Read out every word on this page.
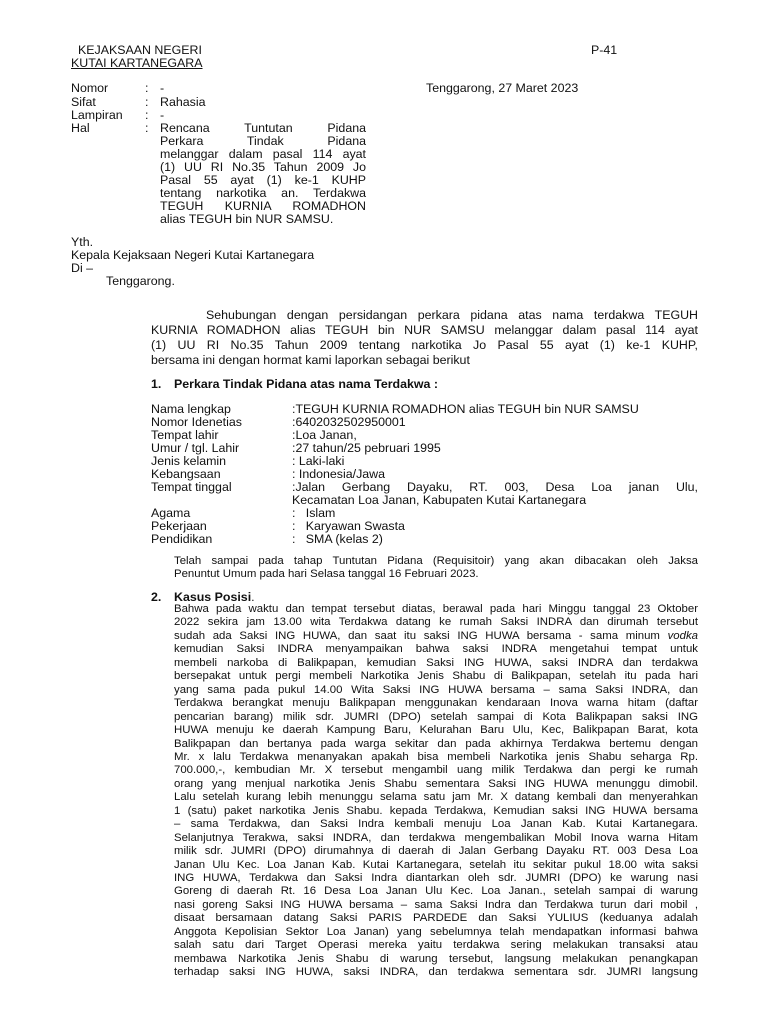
KEJAKSAAN NEGERI
KUTAI KARTANEGARA
P-41
Nomor	: -	Tenggarong, 27 Maret 2023
Sifat	: Rahasia
Lampiran : -
Hal	: Rencana Tuntutan Pidana
Perkara Tindak Pidana
melanggar dalam pasal 114 ayat
(1) UU RI No.35 Tahun 2009 Jo
Pasal 55 ayat (1) ke-1 KUHP
tentang narkotika an. Terdakwa
TEGUH KURNIA ROMADHON
alias TEGUH bin NUR SAMSU.
Yth.
Kepala Kejaksaan Negeri Kutai Kartanegara
Di –
Tenggarong.
Sehubungan dengan persidangan perkara pidana atas nama terdakwa TEGUH
KURNIA ROMADHON alias TEGUH bin NUR SAMSU melanggar dalam pasal 114 ayat
(1) UU RI No.35 Tahun 2009 tentang narkotika Jo Pasal 55 ayat (1) ke-1 KUHP,
bersama ini dengan hormat kami laporkan sebagai berikut
1. Perkara Tindak Pidana atas nama Terdakwa :
Nama lengkap	:TEGUH KURNIA ROMADHON alias TEGUH bin NUR SAMSU
Nomor Idenetias	:6402032502950001
Tempat lahir	:Loa Janan,
Umur / tgl. Lahir	:27 tahun/25 pebruari 1995
Jenis kelamin	: Laki-laki
Kebangsaan	: Indonesia/Jawa
Tempat tinggal	:Jalan Gerbang Dayaku, RT. 003, Desa Loa janan Ulu,
Kecamatan Loa Janan, Kabupaten Kutai Kartanegara
Agama	:   Islam
Pekerjaan	:   Karyawan Swasta
Pendidikan	:   SMA (kelas 2)
Telah sampai pada tahap Tuntutan Pidana (Requisitoir) yang akan dibacakan oleh Jaksa
Penuntut Umum pada hari Selasa tanggal 16 Februari 2023.
2. Kasus Posisi.
Bahwa pada waktu dan tempat tersebut diatas, berawal pada hari Minggu tanggal 23 Oktober
2022 sekira jam 13.00 wita Terdakwa datang ke rumah Saksi INDRA dan dirumah tersebut
sudah ada Saksi ING HUWA, dan saat itu saksi ING HUWA bersama - sama minum vodka
kemudian Saksi INDRA menyampaikan bahwa saksi INDRA mengetahui tempat untuk
membeli narkoba di Balikpapan, kemudian Saksi ING HUWA, saksi INDRA dan terdakwa
bersepakat untuk pergi membeli Narkotika Jenis Shabu di Balikpapan, setelah itu pada hari
yang sama pada pukul 14.00 Wita Saksi ING HUWA bersama – sama Saksi INDRA, dan
Terdakwa berangkat menuju Balikpapan menggunakan kendaraan Inova warna hitam (daftar
pencarian barang) milik sdr. JUMRI (DPO) setelah sampai di Kota Balikpapan saksi ING
HUWA menuju ke daerah Kampung Baru, Kelurahan Baru Ulu, Kec, Balikpapan Barat, kota
Balikpapan dan bertanya pada warga sekitar dan pada akhirnya Terdakwa bertemu dengan
Mr. x lalu Terdakwa menanyakan apakah bisa membeli Narkotika jenis Shabu seharga Rp.
700.000,-, kembudian Mr. X tersebut mengambil uang milik Terdakwa dan pergi ke rumah
orang yang menjual narkotika Jenis Shabu sementara Saksi ING HUWA menunggu dimobil.
Lalu setelah kurang lebih menunggu selama satu jam Mr. X datang kembali dan menyerahkan
1 (satu) paket narkotika Jenis Shabu. kepada Terdakwa, Kemudian saksi ING HUWA bersama
– sama Terdakwa, dan Saksi Indra kembali menuju Loa Janan Kab. Kutai Kartanegara.
Selanjutnya Terakwa, saksi INDRA, dan terdakwa mengembalikan Mobil Inova warna Hitam
milik sdr. JUMRI (DPO) dirumahnya di daerah di Jalan Gerbang Dayaku RT. 003 Desa Loa
Janan Ulu Kec. Loa Janan Kab. Kutai Kartanegara, setelah itu sekitar pukul 18.00 wita saksi
ING HUWA, Terdakwa dan Saksi Indra diantarkan oleh sdr. JUMRI (DPO) ke warung nasi
Goreng di daerah Rt. 16 Desa Loa Janan Ulu Kec. Loa Janan., setelah sampai di warung
nasi goreng Saksi ING HUWA bersama – sama Saksi Indra dan Terdakwa turun dari mobil ,
disaat bersamaan datang Saksi PARIS PARDEDE dan Saksi YULIUS (keduanya adalah
Anggota Kepolisian Sektor Loa Janan) yang sebelumnya telah mendapatkan informasi bahwa
salah satu dari Target Operasi mereka yaitu terdakwa sering melakukan transaksi atau
membawa Narkotika Jenis Shabu di warung tersebut, langsung melakukan penangkapan
terhadap saksi ING HUWA, saksi INDRA, dan terdakwa sementara sdr. JUMRI langsung
